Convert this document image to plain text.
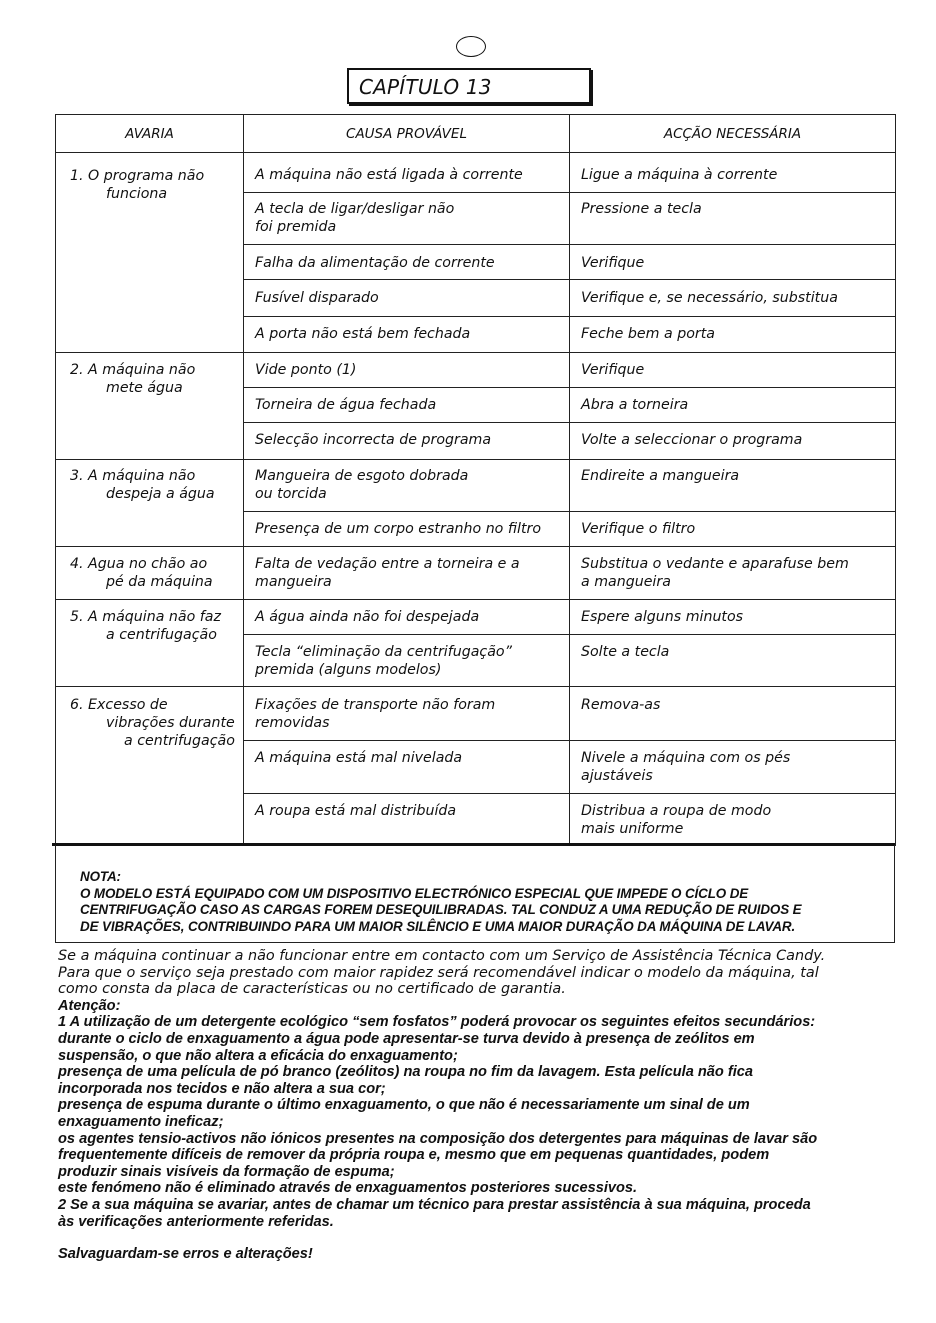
CAPÍTULO 13
AVARIA	CAUSA PROVÁVEL	ACÇÃO NECESSÁRIA

1. O programa não
funciona	A máquina não está ligada à corrente	Ligue a máquina à corrente
	A tecla de ligar/desligar não
foi premida	Pressione a tecla
	Falha da alimentação de corrente	Verifique
	Fusível disparado	Verifique e, se necessário, substitua
	A porta não está bem fechada	Feche bem a porta

2. A máquina não
mete água	Vide ponto (1)	Verifique
	Torneira de água fechada	Abra a torneira
	Selecção incorrecta de programa	Volte a seleccionar o programa

3. A máquina não
despeja a água	Mangueira de esgoto dobrada
ou torcida	Endireite a mangueira
	Presença de um corpo estranho no filtro	Verifique o filtro

4. Agua no chão ao
pé da máquina	Falta de vedação entre a torneira e a
mangueira	Substitua o vedante e aparafuse bem
a mangueira

5. A máquina não faz
a centrifugação	A água ainda não foi despejada	Espere alguns minutos
	Tecla “eliminação da centrifugação”
premida (alguns modelos)	Solte a tecla

6. Excesso de
vibrações durante
a centrifugação	Fixações de transporte não foram
removidas	Remova-as
	A máquina está mal nivelada	Nivele a máquina com os pés
ajustáveis
	A roupa está mal distribuída	Distribua a roupa de modo
mais uniforme
NOTA:
O MODELO ESTÁ EQUIPADO COM UM DISPOSITIVO ELECTRÓNICO ESPECIAL QUE IMPEDE O CÍCLO DE
CENTRIFUGAÇÃO CASO AS CARGAS FOREM DESEQUILIBRADAS. TAL CONDUZ A UMA REDUÇÃO DE RUIDOS E
DE VIBRAÇÕES, CONTRIBUINDO PARA UM MAIOR SILÊNCIO E UMA MAIOR DURAÇÃO DA MÁQUINA DE LAVAR.
Se a máquina continuar a não funcionar entre em contacto com um Serviço de Assistência Técnica Candy.
Para que o serviço seja prestado com maior rapidez será recomendável indicar o modelo da máquina, tal
como consta da placa de características ou no certificado de garantia.
Atenção:
1 A utilização de um detergente ecológico “sem fosfatos” poderá provocar os seguintes efeitos secundários:
durante o ciclo de enxaguamento a água pode apresentar-se turva devido à presença de zeólitos em
suspensão, o que não altera a eficácia do enxaguamento;
presença de uma película de pó branco (zeólitos) na roupa no fim da lavagem. Esta película não fica
incorporada nos tecidos e não altera a sua cor;
presença de espuma durante o último enxaguamento, o que não é necessariamente um sinal de um
enxaguamento ineficaz;
os agentes tensio-activos não iónicos presentes na composição dos detergentes para máquinas de lavar são
frequentemente difíceis de remover da própria roupa e, mesmo que em pequenas quantidades, podem
produzir sinais visíveis da formação de espuma;
este fenómeno não é eliminado através de enxaguamentos posteriores sucessivos.
2 Se a sua máquina se avariar, antes de chamar um técnico para prestar assistência à sua máquina, proceda
às verificações anteriormente referidas.
Salvaguardam-se erros e alterações!
